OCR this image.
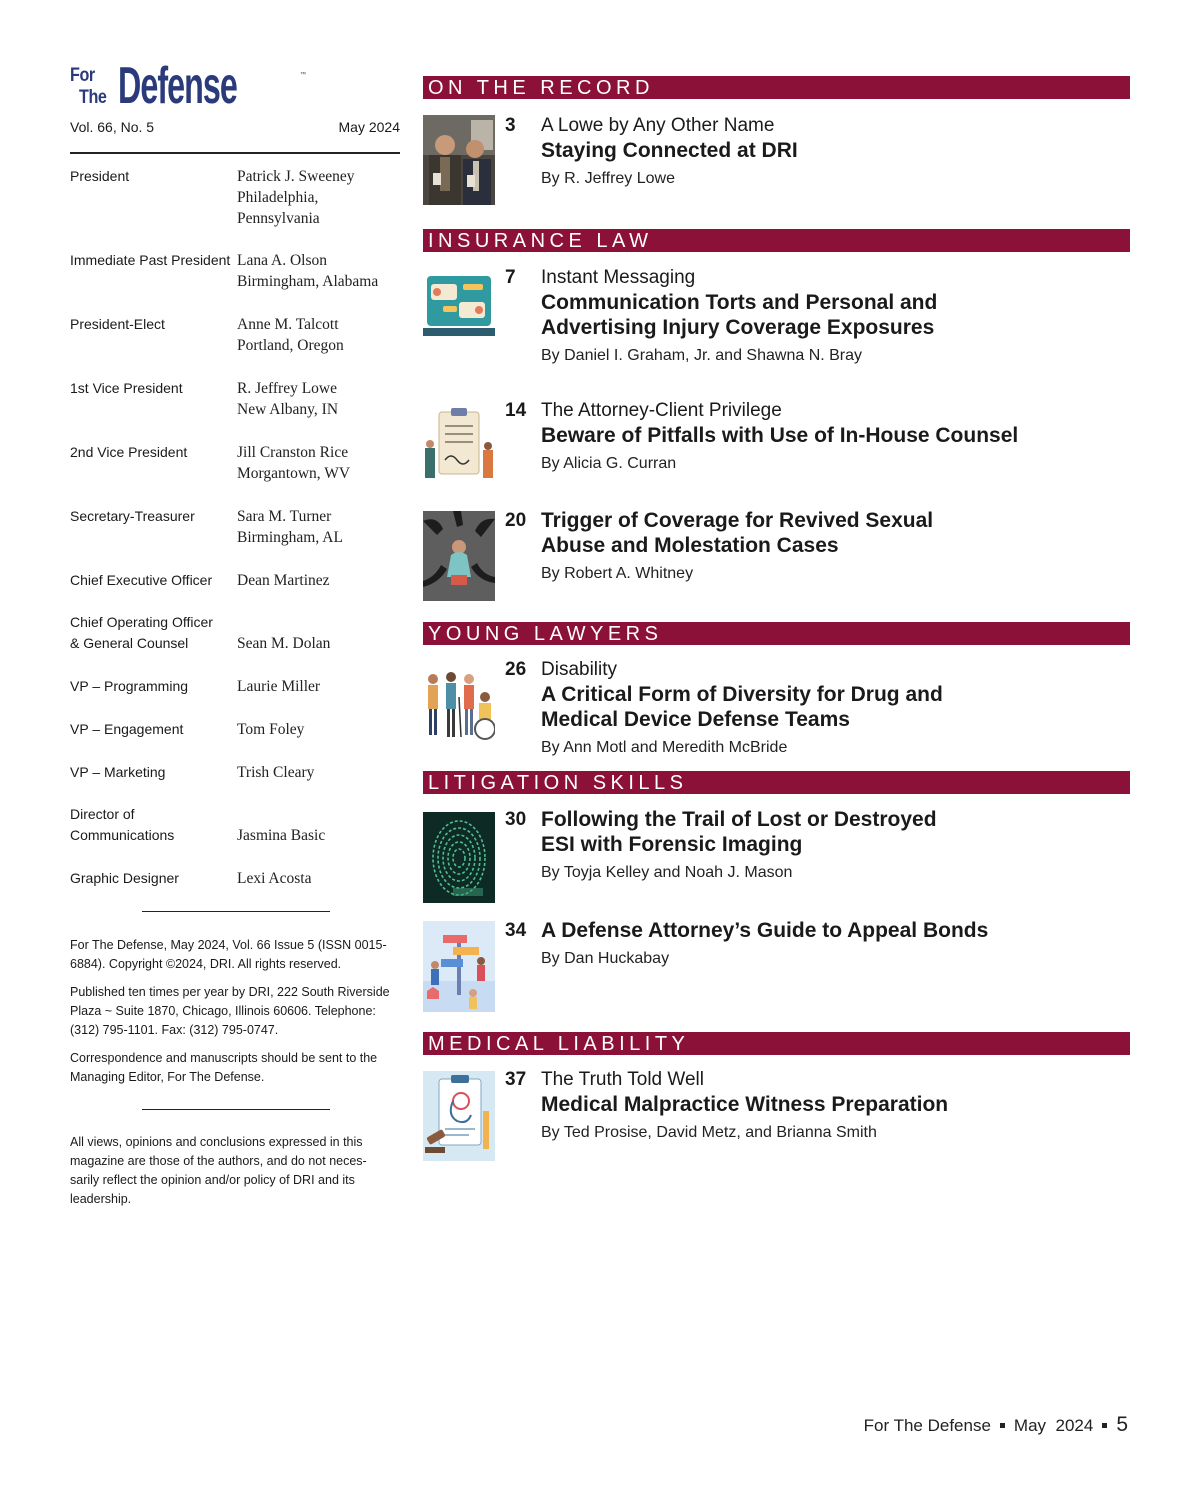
For
The Defense	™
Vol. 66, No. 5	May 2024
President	Patrick J. Sweeney
Philadelphia,
Pennsylvania
Immediate Past President Lana A. Olson
Birmingham, Alabama
President-Elect	Anne M. Talcott
Portland, Oregon
1st Vice President	R. Jeffrey Lowe
New Albany, IN
2nd Vice President	Jill Cranston Rice
Morgantown, WV
Secretary-Treasurer	Sara M. Turner
Birmingham, AL
Chief Executive Officer	Dean Martinez
Chief Operating Officer
& General Counsel	Sean M. Dolan
VP – Programming	Laurie Miller
VP – Engagement	Tom Foley
VP – Marketing	Trish Cleary
Director of
Communications	Jasmina Basic
Graphic Designer	Lexi Acosta

For The Defense, May 2024, Vol. 66 Issue 5 (ISSN 0015-
6884). Copyright ©2024, DRI. All rights reserved.

Published ten times per year by DRI, 222 South Riverside
Plaza ~ Suite 1870, Chicago, Illinois 60606. Telephone:
(312) 795-1101. Fax: (312) 795-0747.

Correspondence and manuscripts should be sent to the
Managing Editor, For The Defense.

All views, opinions and conclusions expressed in this
magazine are those of the authors, and do not neces-
sarily reflect the opinion and/or policy of DRI and its
leadership.
ON THE RECORD
3 A Lowe by Any Other Name
Staying Connected at DRI
By R. Jeffrey Lowe
INSURANCE LAW
7 Instant Messaging
Communication Torts and Personal and
Advertising Injury Coverage Exposures
By Daniel I. Graham, Jr. and Shawna N. Bray
14 The Attorney-Client Privilege
Beware of Pitfalls with Use of In-House Counsel
By Alicia G. Curran
20 Trigger of Coverage for Revived Sexual
Abuse and Molestation Cases
By Robert A. Whitney
YOUNG LAWYERS
26 Disability
A Critical Form of Diversity for Drug and
Medical Device Defense Teams
By Ann Motl and Meredith McBride
LITIGATION SKILLS
30 Following the Trail of Lost or Destroyed
ESI with Forensic Imaging
By Toyja Kelley and Noah J. Mason
34 A Defense Attorney’s Guide to Appeal Bonds
By Dan Huckabay
MEDICAL LIABILITY
37 The Truth Told Well
Medical Malpractice Witness Preparation
By Ted Prosise, David Metz, and Brianna Smith
For The Defense May  2024 5
